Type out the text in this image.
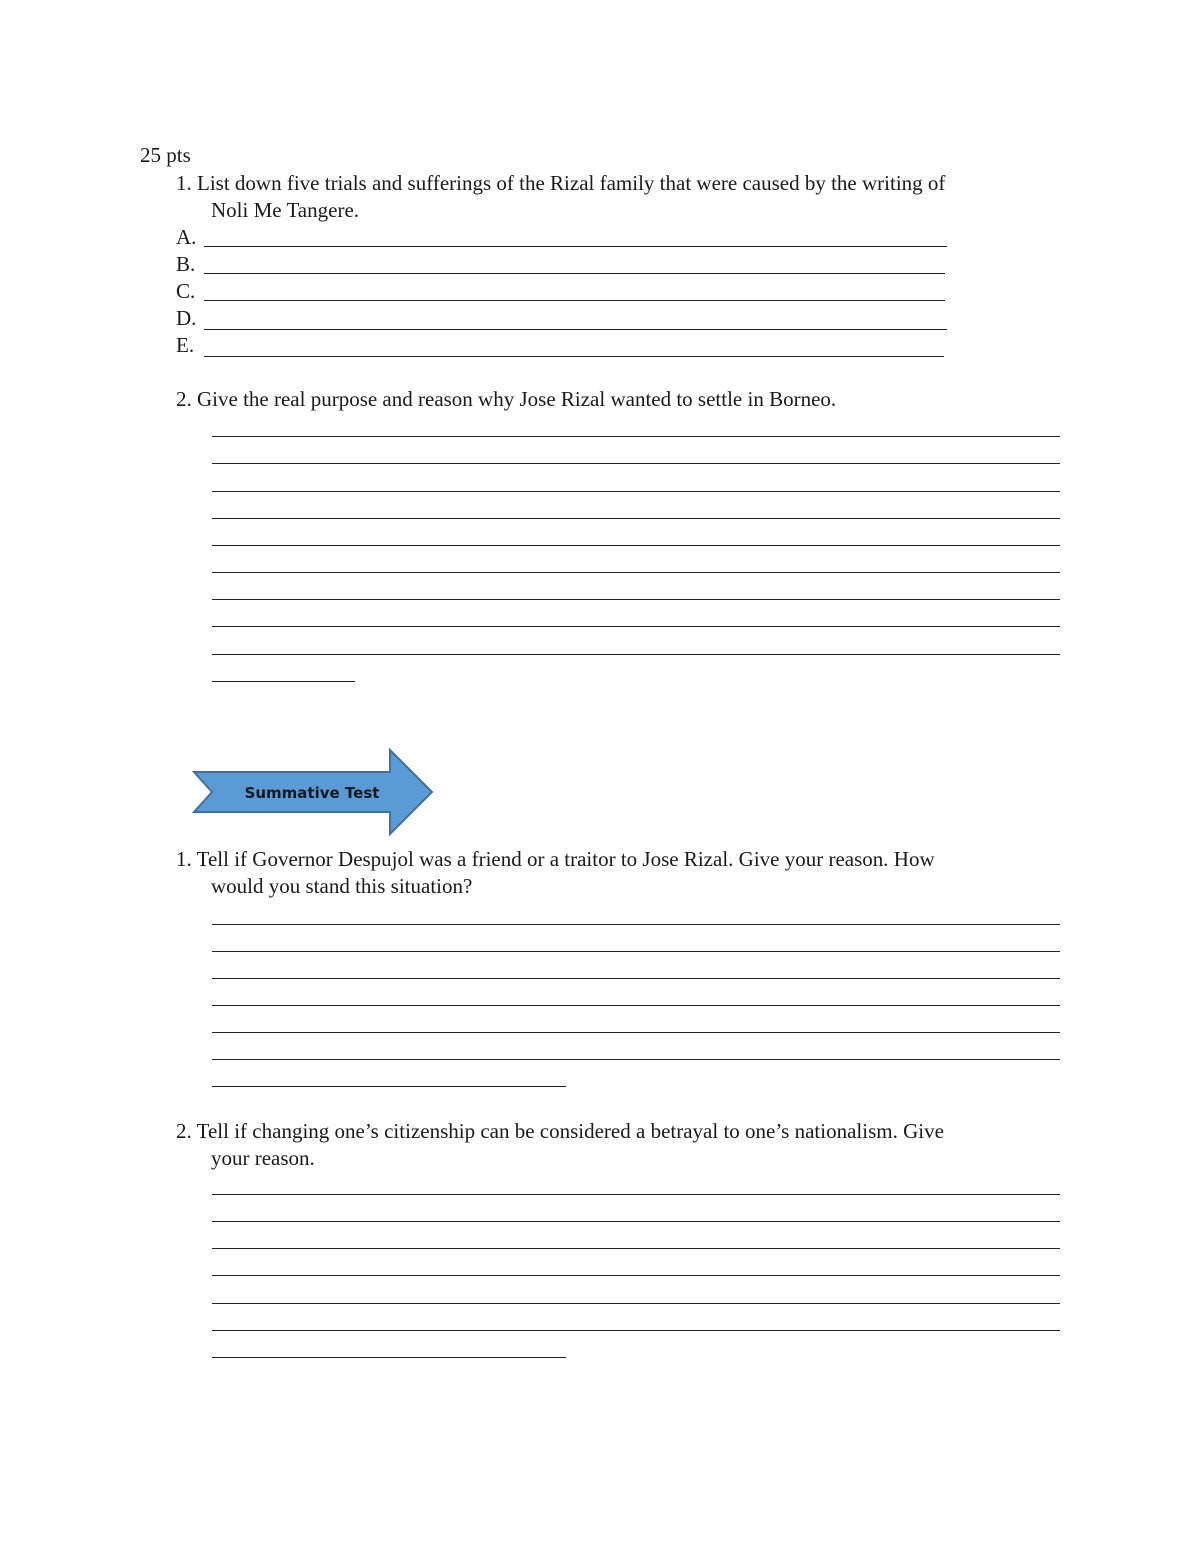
25 pts
1. List down five trials and sufferings of the Rizal family that were caused by the writing of
Noli Me Tangere.
A.
B.
C.
D.
E.
2. Give the real purpose and reason why Jose Rizal wanted to settle in Borneo.
Summative Test
1. Tell if Governor Despujol was a friend or a traitor to Jose Rizal. Give your reason. How
would you stand this situation?
2. Tell if changing one’s citizenship can be considered a betrayal to one’s nationalism. Give
your reason.
